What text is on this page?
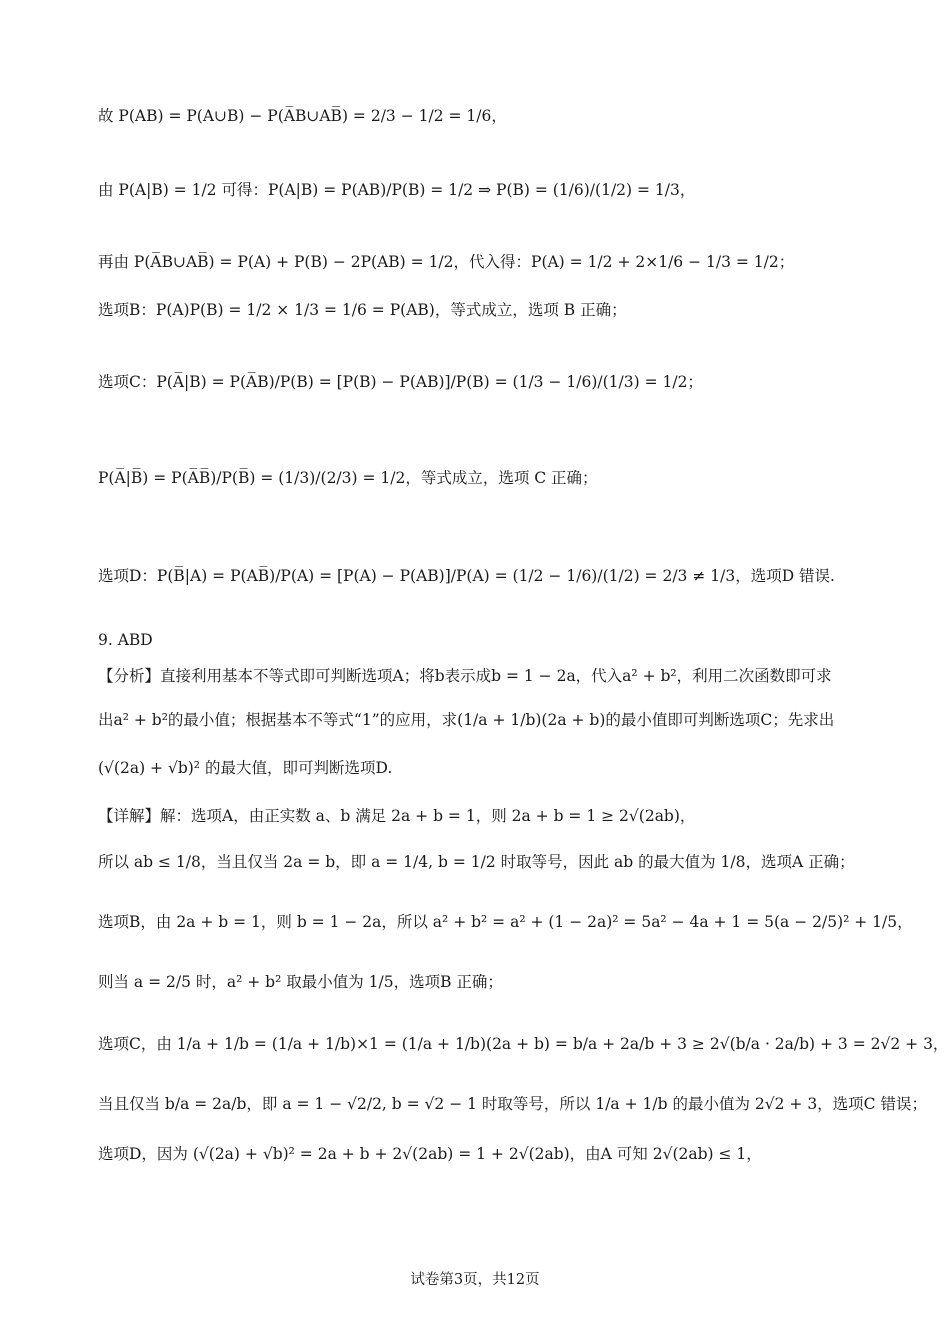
故 P(AB) = P(A∪B) − P(A̅B∪AB̅) = 2/3 − 1/2 = 1/6，
由 P(A|B) = 1/2 可得：P(A|B) = P(AB)/P(B) = 1/2 ⇒ P(B) = (1/6)/(1/2) = 1/3，
再由 P(A̅B∪AB̅) = P(A) + P(B) − 2P(AB) = 1/2，代入得：P(A) = 1/2 + 2×1/6 − 1/3 = 1/2；
选项B：P(A)P(B) = 1/2 × 1/3 = 1/6 = P(AB)，等式成立，选项 B 正确；
选项C：P(A̅|B) = P(A̅B)/P(B) = [P(B) − P(AB)]/P(B) = (1/3 − 1/6)/(1/3) = 1/2；
P(A̅|B̅) = P(A̅B̅)/P(B̅) = (1/3)/(2/3) = 1/2，等式成立，选项 C 正确；
选项D：P(B̅|A) = P(AB̅)/P(A) = [P(A) − P(AB)]/P(A) = (1/2 − 1/6)/(1/2) = 2/3 ≠ 1/3，选项D 错误.
9. ABD
【分析】直接利用基本不等式即可判断选项A；将b表示成b = 1 − 2a，代入a² + b²，利用二次函数即可求
出a² + b²的最小值；根据基本不等式“1”的应用，求(1/a + 1/b)(2a + b)的最小值即可判断选项C；先求出
(√(2a) + √b)² 的最大值，即可判断选项D.
【详解】解：选项A，由正实数 a、b 满足 2a + b = 1，则 2a + b = 1 ≥ 2√(2ab)，
所以 ab ≤ 1/8，当且仅当 2a = b，即 a = 1/4, b = 1/2 时取等号，因此 ab 的最大值为 1/8，选项A 正确；
选项B，由 2a + b = 1，则 b = 1 − 2a，所以 a² + b² = a² + (1 − 2a)² = 5a² − 4a + 1 = 5(a − 2/5)² + 1/5，
则当 a = 2/5 时，a² + b² 取最小值为 1/5，选项B 正确；
选项C，由 1/a + 1/b = (1/a + 1/b)×1 = (1/a + 1/b)(2a + b) = b/a + 2a/b + 3 ≥ 2√(b/a · 2a/b) + 3 = 2√2 + 3，
当且仅当 b/a = 2a/b，即 a = 1 − √2/2, b = √2 − 1 时取等号，所以 1/a + 1/b 的最小值为 2√2 + 3，选项C 错误；
选项D，因为 (√(2a) + √b)² = 2a + b + 2√(2ab) = 1 + 2√(2ab)，由A 可知 2√(2ab) ≤ 1，
试卷第3页，共12页
